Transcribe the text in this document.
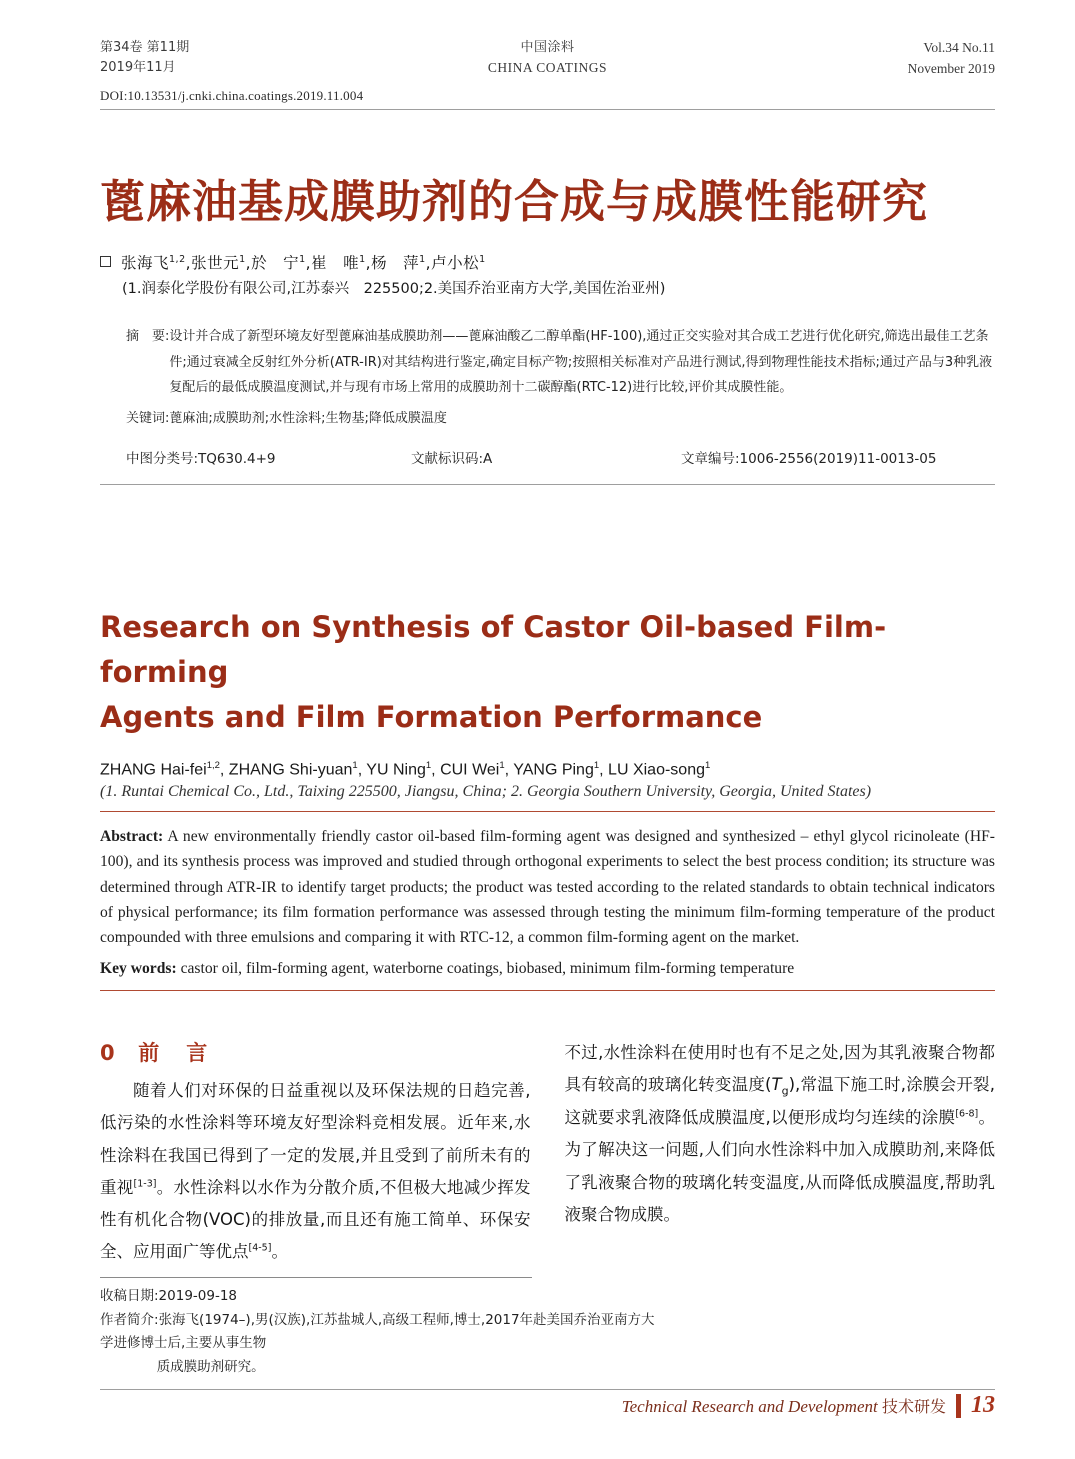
第34卷 第11期
2019年11月
中国涂料
CHINA COATINGS
Vol.34 No.11
November 2019
DOI:10.13531/j.cnki.china.coatings.2019.11.004
蓖麻油基成膜助剂的合成与成膜性能研究
张海飞$^{1,2}$,张世元$^1$,於　宁$^1$,崔　唯$^1$,杨　萍$^1$,卢小松$^1$
(1.润泰化学股份有限公司,江苏泰兴　225500;2.美国乔治亚南方大学,美国佐治亚州)
摘　要: 设计并合成了新型环境友好型蓖麻油基成膜助剂——蓖麻油酸乙二醇单酯(HF-100),通过正交实验对其合成工艺进行优化研究,筛选出最佳工艺条件;通过衰减全反射红外分析(ATR-IR)对其结构进行鉴定,确定目标产物;按照相关标准对产品进行测试,得到物理性能技术指标;通过产品与3种乳液复配后的最低成膜温度测试,并与现有市场上常用的成膜助剂十二碳醇酯(RTC-12)进行比较,评价其成膜性能。
关键词: 蓖麻油;成膜助剂;水性涂料;生物基;降低成膜温度
中图分类号:TQ630.4+9	文献标识码:A	文章编号:1006-2556(2019)11-0013-05
Research on Synthesis of Castor Oil-based Film-forming
Agents and Film Formation Performance
ZHANG Hai-fei$^{1,2}$, ZHANG Shi-yuan$^1$, YU Ning$^1$, CUI Wei$^1$, YANG Ping$^1$, LU Xiao-song$^1$
(1. Runtai Chemical Co., Ltd., Taixing 225500, Jiangsu, China; 2. Georgia Southern University, Georgia, United States)
Abstract: A new environmentally friendly castor oil-based film-forming agent was designed and synthesized – ethyl glycol ricinoleate (HF-100), and its synthesis process was improved and studied through orthogonal experiments to select the best process condition; its structure was determined through ATR-IR to identify target products; the product was tested according to the related standards to obtain technical indicators of physical performance; its film formation performance was assessed through testing the minimum film-forming temperature of the product compounded with three emulsions and comparing it with RTC-12, a common film-forming agent on the market.
Key words: castor oil, film-forming agent, waterborne coatings, biobased, minimum film-forming temperature
0 前　言
随着人们对环保的日益重视以及环保法规的日趋完善,低污染的水性涂料等环境友好型涂料竞相发展。近年来,水性涂料在我国已得到了一定的发展,并且受到了前所未有的重视[1-3]。水性涂料以水作为分散介质,不但极大地减少挥发性有机化合物(VOC)的排放量,而且还有施工简单、环保安全、应用面广等优点[4-5]。
不过,水性涂料在使用时也有不足之处,因为其乳液聚合物都具有较高的玻璃化转变温度$(T_g)$,常温下施工时,涂膜会开裂,这就要求乳液降低成膜温度,以便形成均匀连续的涂膜[6-8]。为了解决这一问题,人们向水性涂料中加入成膜助剂,来降低了乳液聚合物的玻璃化转变温度,从而降低成膜温度,帮助乳液聚合物成膜。
收稿日期:2019-09-18
作者简介:张海飞(1974–),男(汉族),江苏盐城人,高级工程师,博士,2017年赴美国乔治亚南方大学进修博士后,主要从事生物
质成膜助剂研究。
Technical Research and Development 技术研发 13
